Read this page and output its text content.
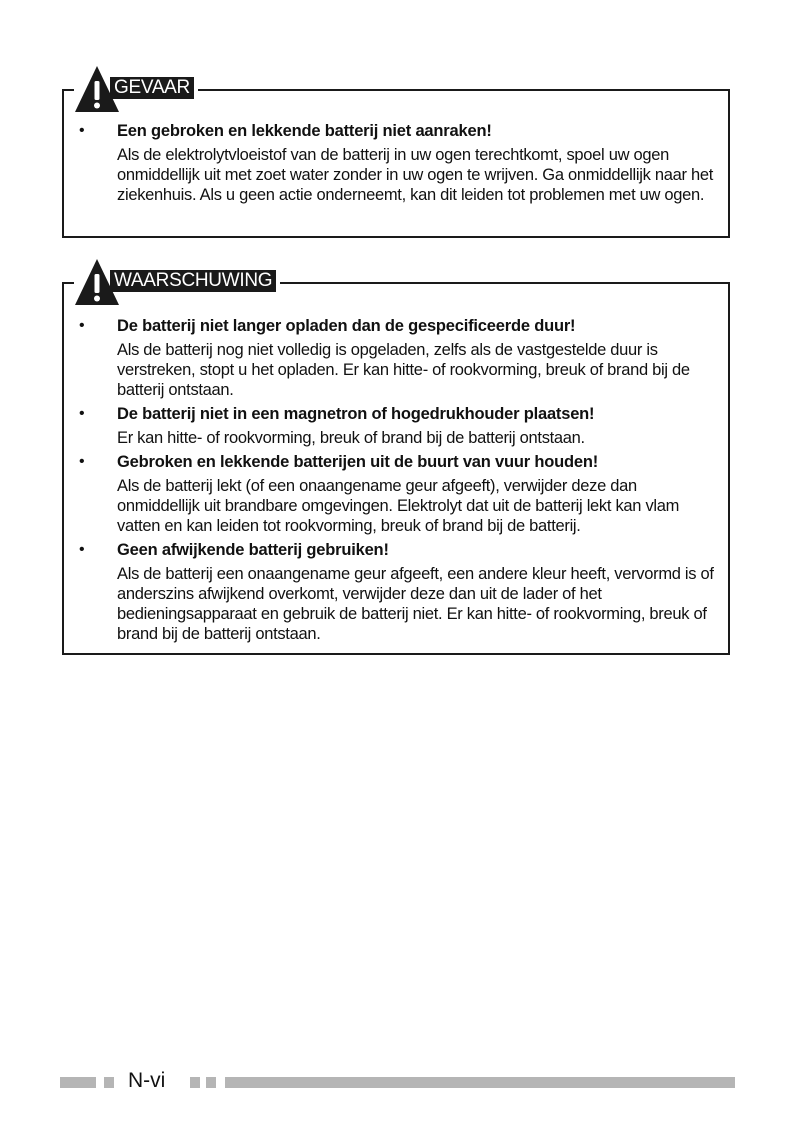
GEVAAR
• Een gebroken en lekkende batterij niet aanraken!
Als de elektrolytvloeistof van de batterij in uw ogen terechtkomt, spoel uw ogen onmiddellijk uit met zoet water zonder in uw ogen te wrijven. Ga onmiddellijk naar het ziekenhuis. Als u geen actie onderneemt, kan dit leiden tot problemen met uw ogen.
WAARSCHUWING
• De batterij niet langer opladen dan de gespecificeerde duur!
Als de batterij nog niet volledig is opgeladen, zelfs als de vastgestelde duur is verstreken, stopt u het opladen. Er kan hitte- of rookvorming, breuk of brand bij de batterij ontstaan.
• De batterij niet in een magnetron of hogedrukhouder plaatsen!
Er kan hitte- of rookvorming, breuk of brand bij de batterij ontstaan.
• Gebroken en lekkende batterijen uit de buurt van vuur houden!
Als de batterij lekt (of een onaangename geur afgeeft), verwijder deze dan onmiddellijk uit brandbare omgevingen. Elektrolyt dat uit de batterij lekt kan vlam vatten en kan leiden tot rookvorming, breuk of brand bij de batterij.
• Geen afwijkende batterij gebruiken!
Als de batterij een onaangename geur afgeeft, een andere kleur heeft, vervormd is of anderszins afwijkend overkomt, verwijder deze dan uit de lader of het bedieningsapparaat en gebruik de batterij niet. Er kan hitte- of rookvorming, breuk of brand bij de batterij ontstaan.
N-vi
